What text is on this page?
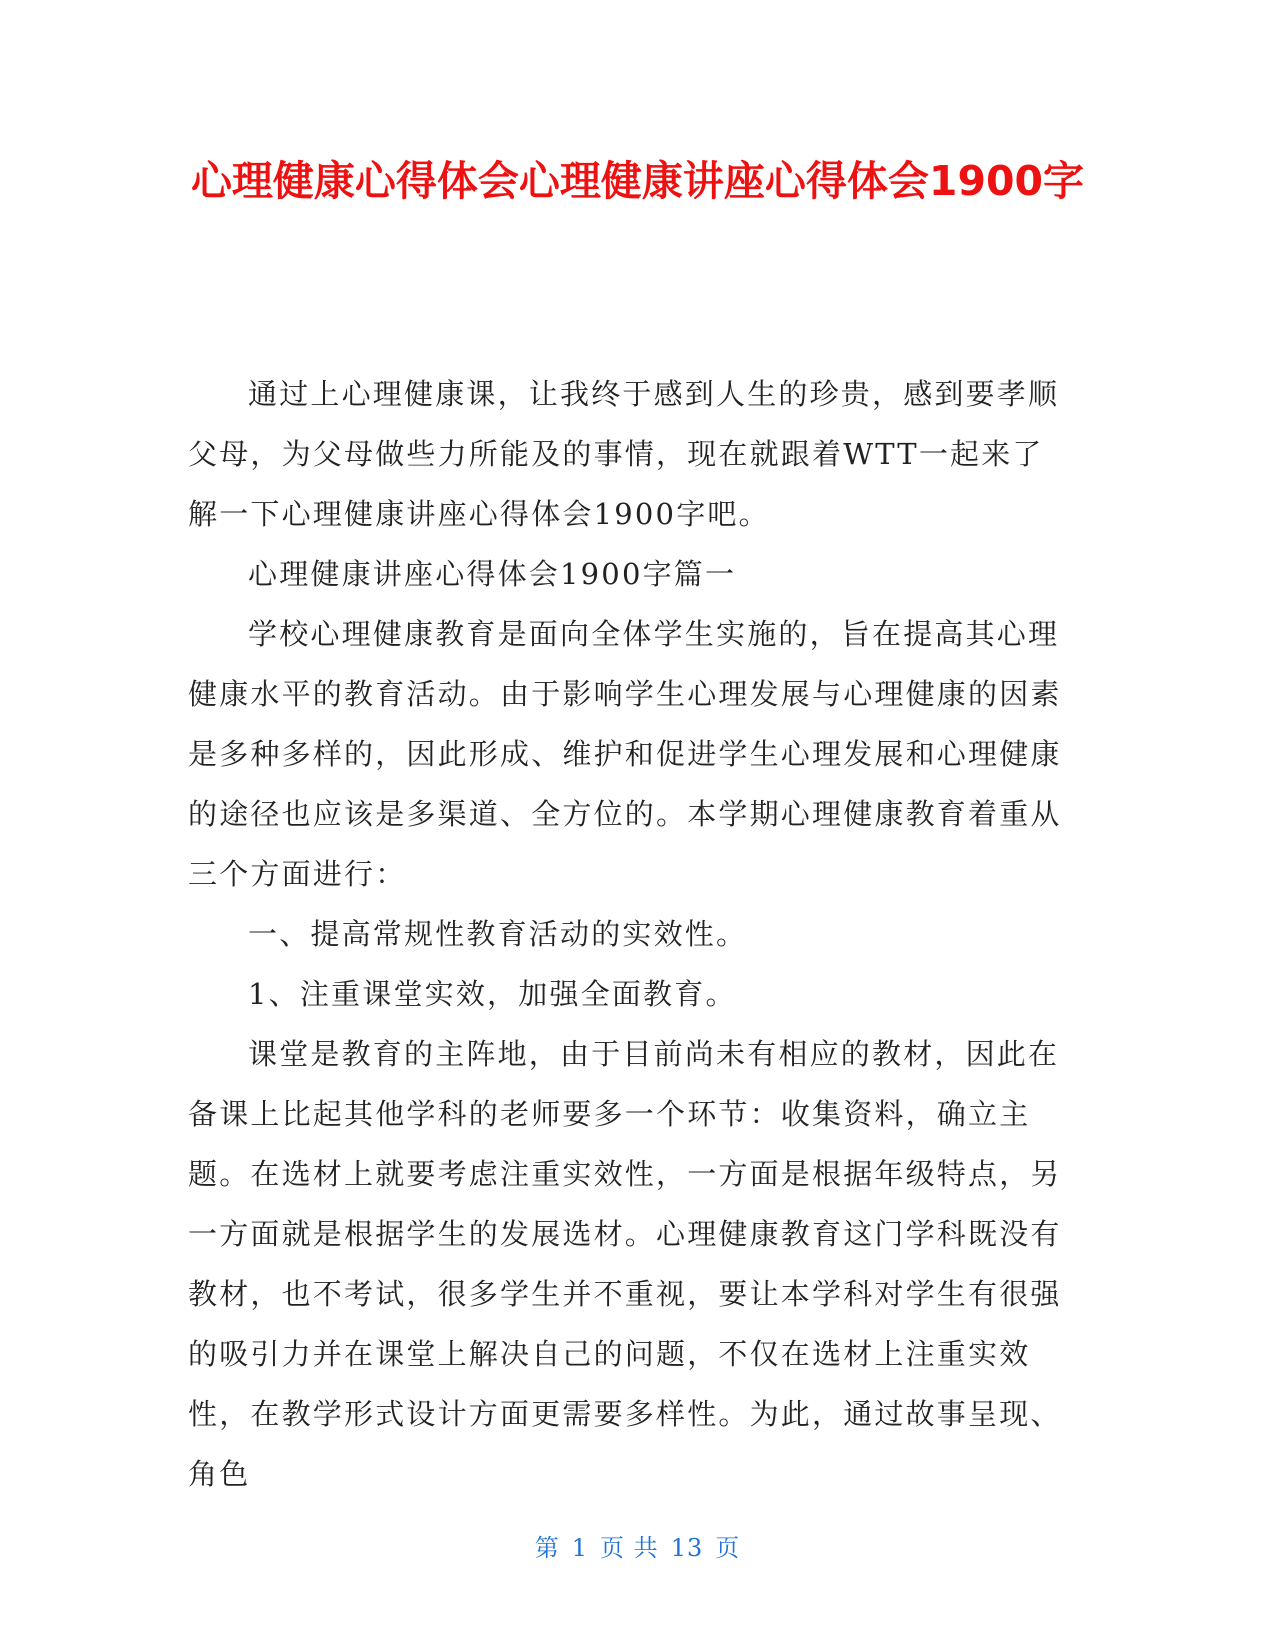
心理健康心得体会心理健康讲座心得体会1900字

通过上心理健康课，让我终于感到人生的珍贵，感到要孝顺父母，为父母做些力所能及的事情，现在就跟着WTT一起来了解一下心理健康讲座心得体会1900字吧。

心理健康讲座心得体会1900字篇一

学校心理健康教育是面向全体学生实施的，旨在提高其心理健康水平的教育活动。由于影响学生心理发展与心理健康的因素是多种多样的，因此形成、维护和促进学生心理发展和心理健康的途径也应该是多渠道、全方位的。本学期心理健康教育着重从三个方面进行：

一、提高常规性教育活动的实效性。

1、注重课堂实效，加强全面教育。

课堂是教育的主阵地，由于目前尚未有相应的教材，因此在备课上比起其他学科的老师要多一个环节：收集资料，确立主题。在选材上就要考虑注重实效性，一方面是根据年级特点，另一方面就是根据学生的发展选材。心理健康教育这门学科既没有教材，也不考试，很多学生并不重视，要让本学科对学生有很强的吸引力并在课堂上解决自己的问题，不仅在选材上注重实效性，在教学形式设计方面更需要多样性。为此，通过故事呈现、角色

第 1 页 共 13 页
